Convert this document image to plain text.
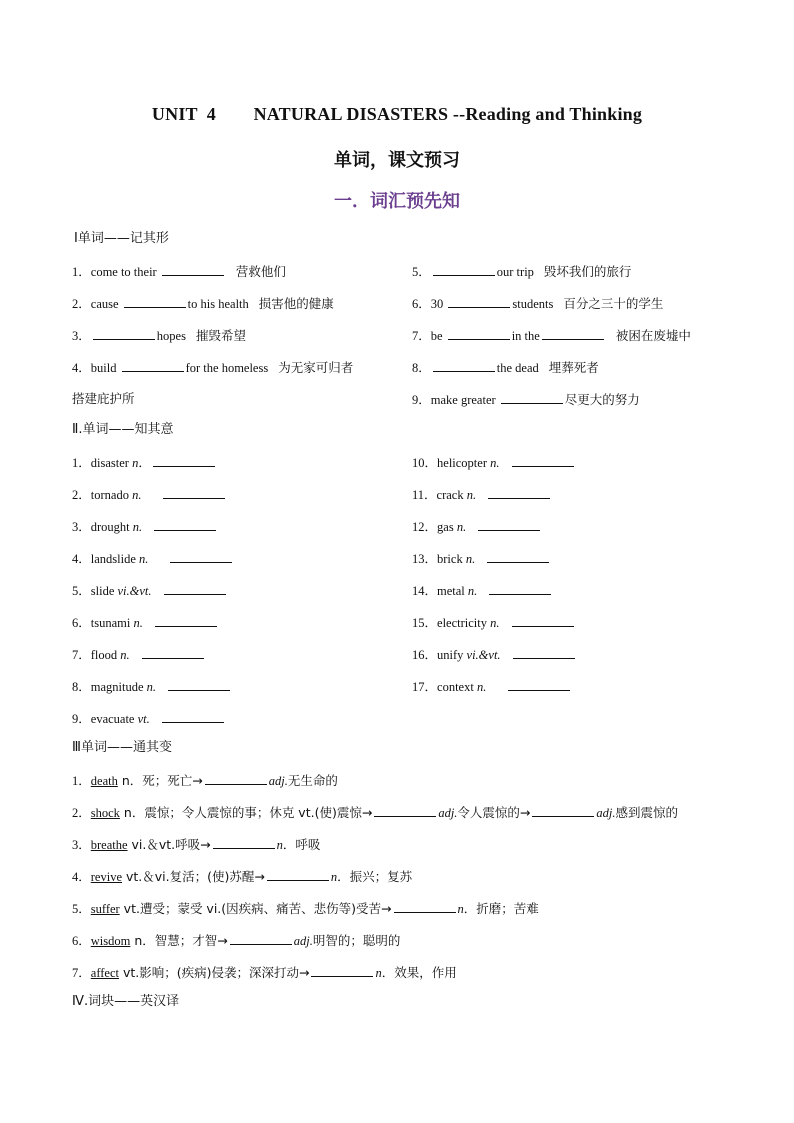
UNIT  4        NATURAL DISASTERS --Reading and Thinking
单词，课文预习
一．词汇预先知
Ⅰ单词——记其形
1．come to their	营救他们
2．cause	to his health 损害他的健康
3．	hopes 摧毁希望
4．build	for the homeless 为无家可归者
搭建庇护所
5．	our trip 毁坏我们的旅行
6．30	students 百分之三十的学生
7．be	in the	被困在废墟中
8．	the dead 埋葬死者
9．make greater	尽更大的努力
Ⅱ.单词——知其意
1．disaster n．
2．tornado n.
3．drought n.
4．landslide n.
5．slide vi.&vt.
6．tsunami n.
7．flood n.
8．magnitude n.
9．evacuate vt.
10．helicopter n.
11．crack n.
12．gas n.
13．brick n.
14．metal n.
15．electricity n.
16．unify vi.&vt.
17．context n.
Ⅲ单词——通其变
1．death n．死；死亡→	adj.无生命的
2．shock n．震惊；令人震惊的事；休克 vt.(使)震惊→	adj.令人震惊的→	adj.感到震惊的
3．breathe vi.＆vt.呼吸→	n．呼吸
4．revive vt.＆vi.复活；(使)苏醒→	n．振兴；复苏
5．suffer vt.遭受；蒙受 vi.(因疾病、痛苦、悲伤等)受苦→	n．折磨；苦难
6．wisdom n．智慧；才智→	adj.明智的；聪明的
7．affect vt.影响；(疾病)侵袭；深深打动→	n．效果，作用
Ⅳ.词块——英汉译
